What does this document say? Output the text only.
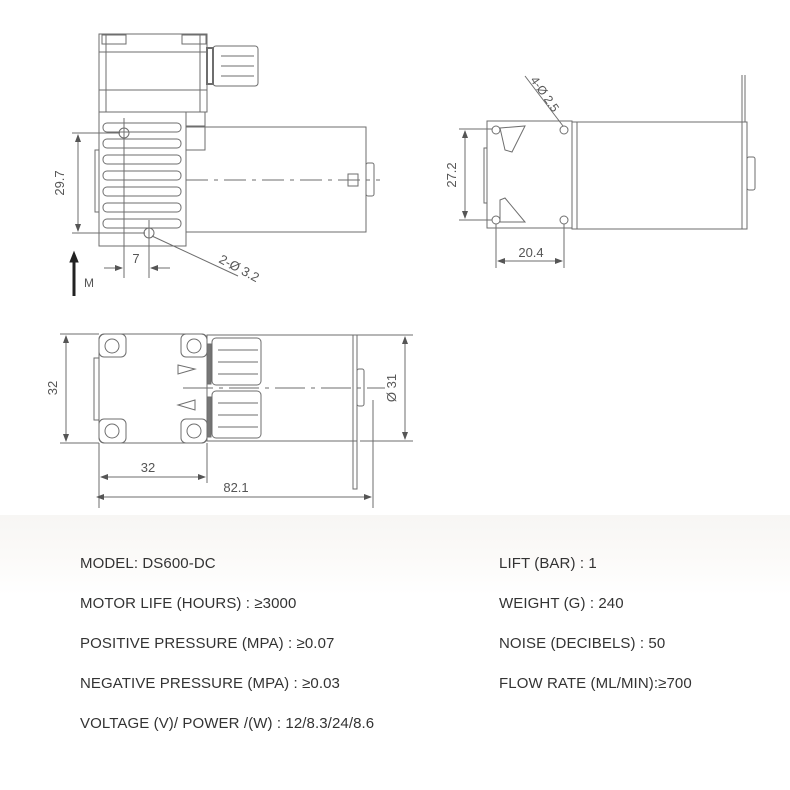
29.7
7	2-Ø 3.2
M
27.2
20.4
4-Ø 2.5
32
32
82.1
Ø 31
MODEL: DS600-DC
MOTOR LIFE (HOURS) : ≥3000
POSITIVE PRESSURE (MPA) : ≥0.07
NEGATIVE PRESSURE (MPA) : ≥0.03
VOLTAGE (V)/ POWER /(W) : 12/8.3/24/8.6
LIFT (BAR) : 1
WEIGHT (G) : 240
NOISE (DECIBELS) : 50
FLOW RATE (ML/MIN):≥700
